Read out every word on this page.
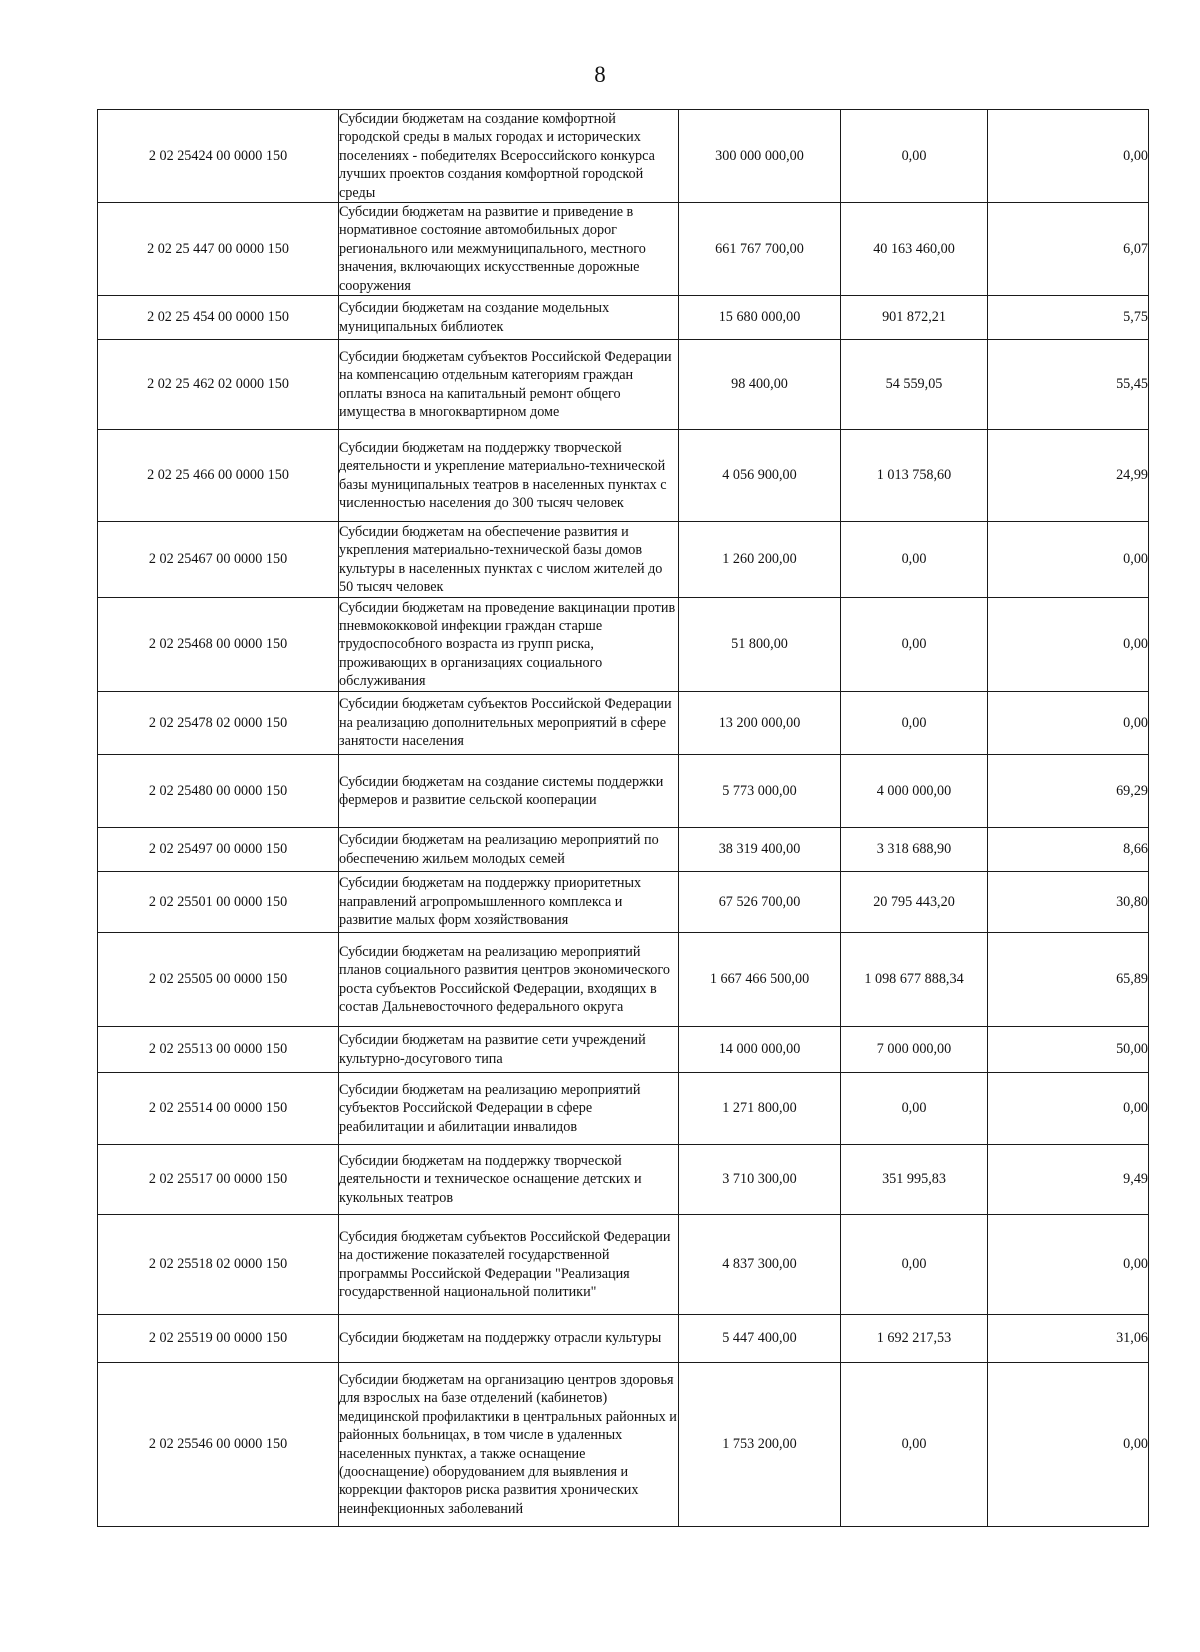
8
2 02 25424 00 0000 150	Субсидии бюджетам на создание комфортной городской среды в малых городах и исторических поселениях - победителях Всероссийского конкурса лучших проектов создания комфортной городской среды	300 000 000,00	0,00	0,00
2 02 25 447 00 0000 150	Субсидии бюджетам на развитие и приведение в нормативное состояние автомобильных дорог регионального или межмуниципального, местного значения, включающих искусственные дорожные сооружения	661 767 700,00	40 163 460,00	6,07
2 02 25 454 00 0000 150	Субсидии бюджетам на создание модельных муниципальных библиотек	15 680 000,00	901 872,21	5,75
2 02 25 462 02 0000 150	Субсидии бюджетам субъектов Российской Федерации на компенсацию отдельным категориям граждан оплаты взноса на капитальный ремонт общего имущества в многоквартирном доме	98 400,00	54 559,05	55,45
2 02 25 466 00 0000 150	Субсидии бюджетам на поддержку творческой деятельности и укрепление материально-технической базы муниципальных театров в населенных пунктах с численностью населения до 300 тысяч человек	4 056 900,00	1 013 758,60	24,99
2 02 25467 00 0000 150	Субсидии бюджетам на обеспечение развития и укрепления материально-технической базы домов культуры в населенных пунктах с числом жителей до 50 тысяч человек	1 260 200,00	0,00	0,00
2 02 25468 00 0000 150	Субсидии бюджетам на проведение вакцинации против пневмококковой инфекции граждан старше трудоспособного возраста из групп риска, проживающих в организациях социального обслуживания	51 800,00	0,00	0,00
2 02 25478 02 0000 150	Субсидии бюджетам субъектов Российской Федерации на реализацию дополнительных мероприятий в сфере занятости населения	13 200 000,00	0,00	0,00
2 02 25480 00 0000 150	Субсидии бюджетам на создание системы поддержки фермеров и развитие сельской кооперации	5 773 000,00	4 000 000,00	69,29
2 02 25497 00 0000 150	Субсидии бюджетам на реализацию мероприятий по обеспечению жильем молодых семей	38 319 400,00	3 318 688,90	8,66
2 02 25501 00 0000 150	Субсидии бюджетам на поддержку приоритетных направлений агропромышленного комплекса и развитие малых форм хозяйствования	67 526 700,00	20 795 443,20	30,80
2 02 25505 00 0000 150	Субсидии бюджетам на реализацию мероприятий планов социального развития центров экономического роста субъектов Российской Федерации, входящих в состав Дальневосточного федерального округа	1 667 466 500,00	1 098 677 888,34	65,89
2 02 25513 00 0000 150	Субсидии бюджетам на развитие сети учреждений культурно-досугового типа	14 000 000,00	7 000 000,00	50,00
2 02 25514 00 0000 150	Субсидии бюджетам на реализацию мероприятий субъектов Российской Федерации в сфере реабилитации и абилитации инвалидов	1 271 800,00	0,00	0,00
2 02 25517 00 0000 150	Субсидии бюджетам на поддержку творческой деятельности и техническое оснащение детских и кукольных театров	3 710 300,00	351 995,83	9,49
2 02 25518 02 0000 150	Субсидия бюджетам субъектов Российской Федерации на достижение показателей государственной программы Российской Федерации "Реализация государственной национальной политики"	4 837 300,00	0,00	0,00
2 02 25519 00 0000 150	Субсидии бюджетам на поддержку отрасли культуры	5 447 400,00	1 692 217,53	31,06
2 02 25546 00 0000 150	Субсидии бюджетам на организацию центров здоровья для взрослых на базе отделений (кабинетов) медицинской профилактики в центральных районных и районных больницах, в том числе в удаленных населенных пунктах, а также оснащение (дооснащение) оборудованием для выявления и коррекции факторов риска развития хронических неинфекционных заболеваний	1 753 200,00	0,00	0,00
